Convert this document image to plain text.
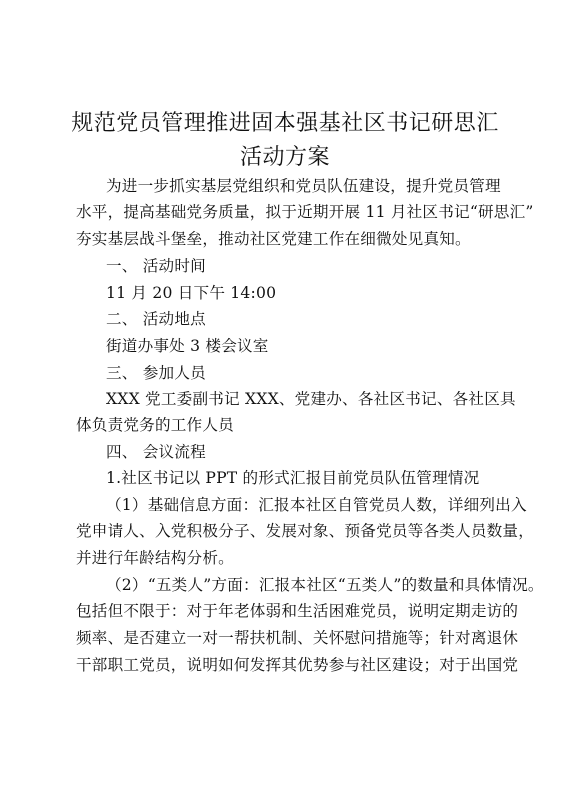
规范党员管理推进固本强基社区书记研思汇
活动方案
为进一步抓实基层党组织和党员队伍建设，提升党员管理
水平，提高基础党务质量，拟于近期开展 11 月社区书记“研思汇”
夯实基层战斗堡垒，推动社区党建工作在细微处见真知。
一、 活动时间
11 月 20 日下午 14:00
二、 活动地点
街道办事处 3 楼会议室
三、 参加人员
XXX 党工委副书记 XXX、党建办、各社区书记、各社区具
体负责党务的工作人员
四、 会议流程
1.社区书记以 PPT 的形式汇报目前党员队伍管理情况
（1）基础信息方面：汇报本社区自管党员人数，详细列出入
党申请人、入党积极分子、发展对象、预备党员等各类人员数量，
并进行年龄结构分析。
（2）“五类人”方面：汇报本社区“五类人”的数量和具体情况。
包括但不限于：对于年老体弱和生活困难党员，说明定期走访的
频率、是否建立一对一帮扶机制、关怀慰问措施等；针对离退休
干部职工党员，说明如何发挥其优势参与社区建设；对于出国党
